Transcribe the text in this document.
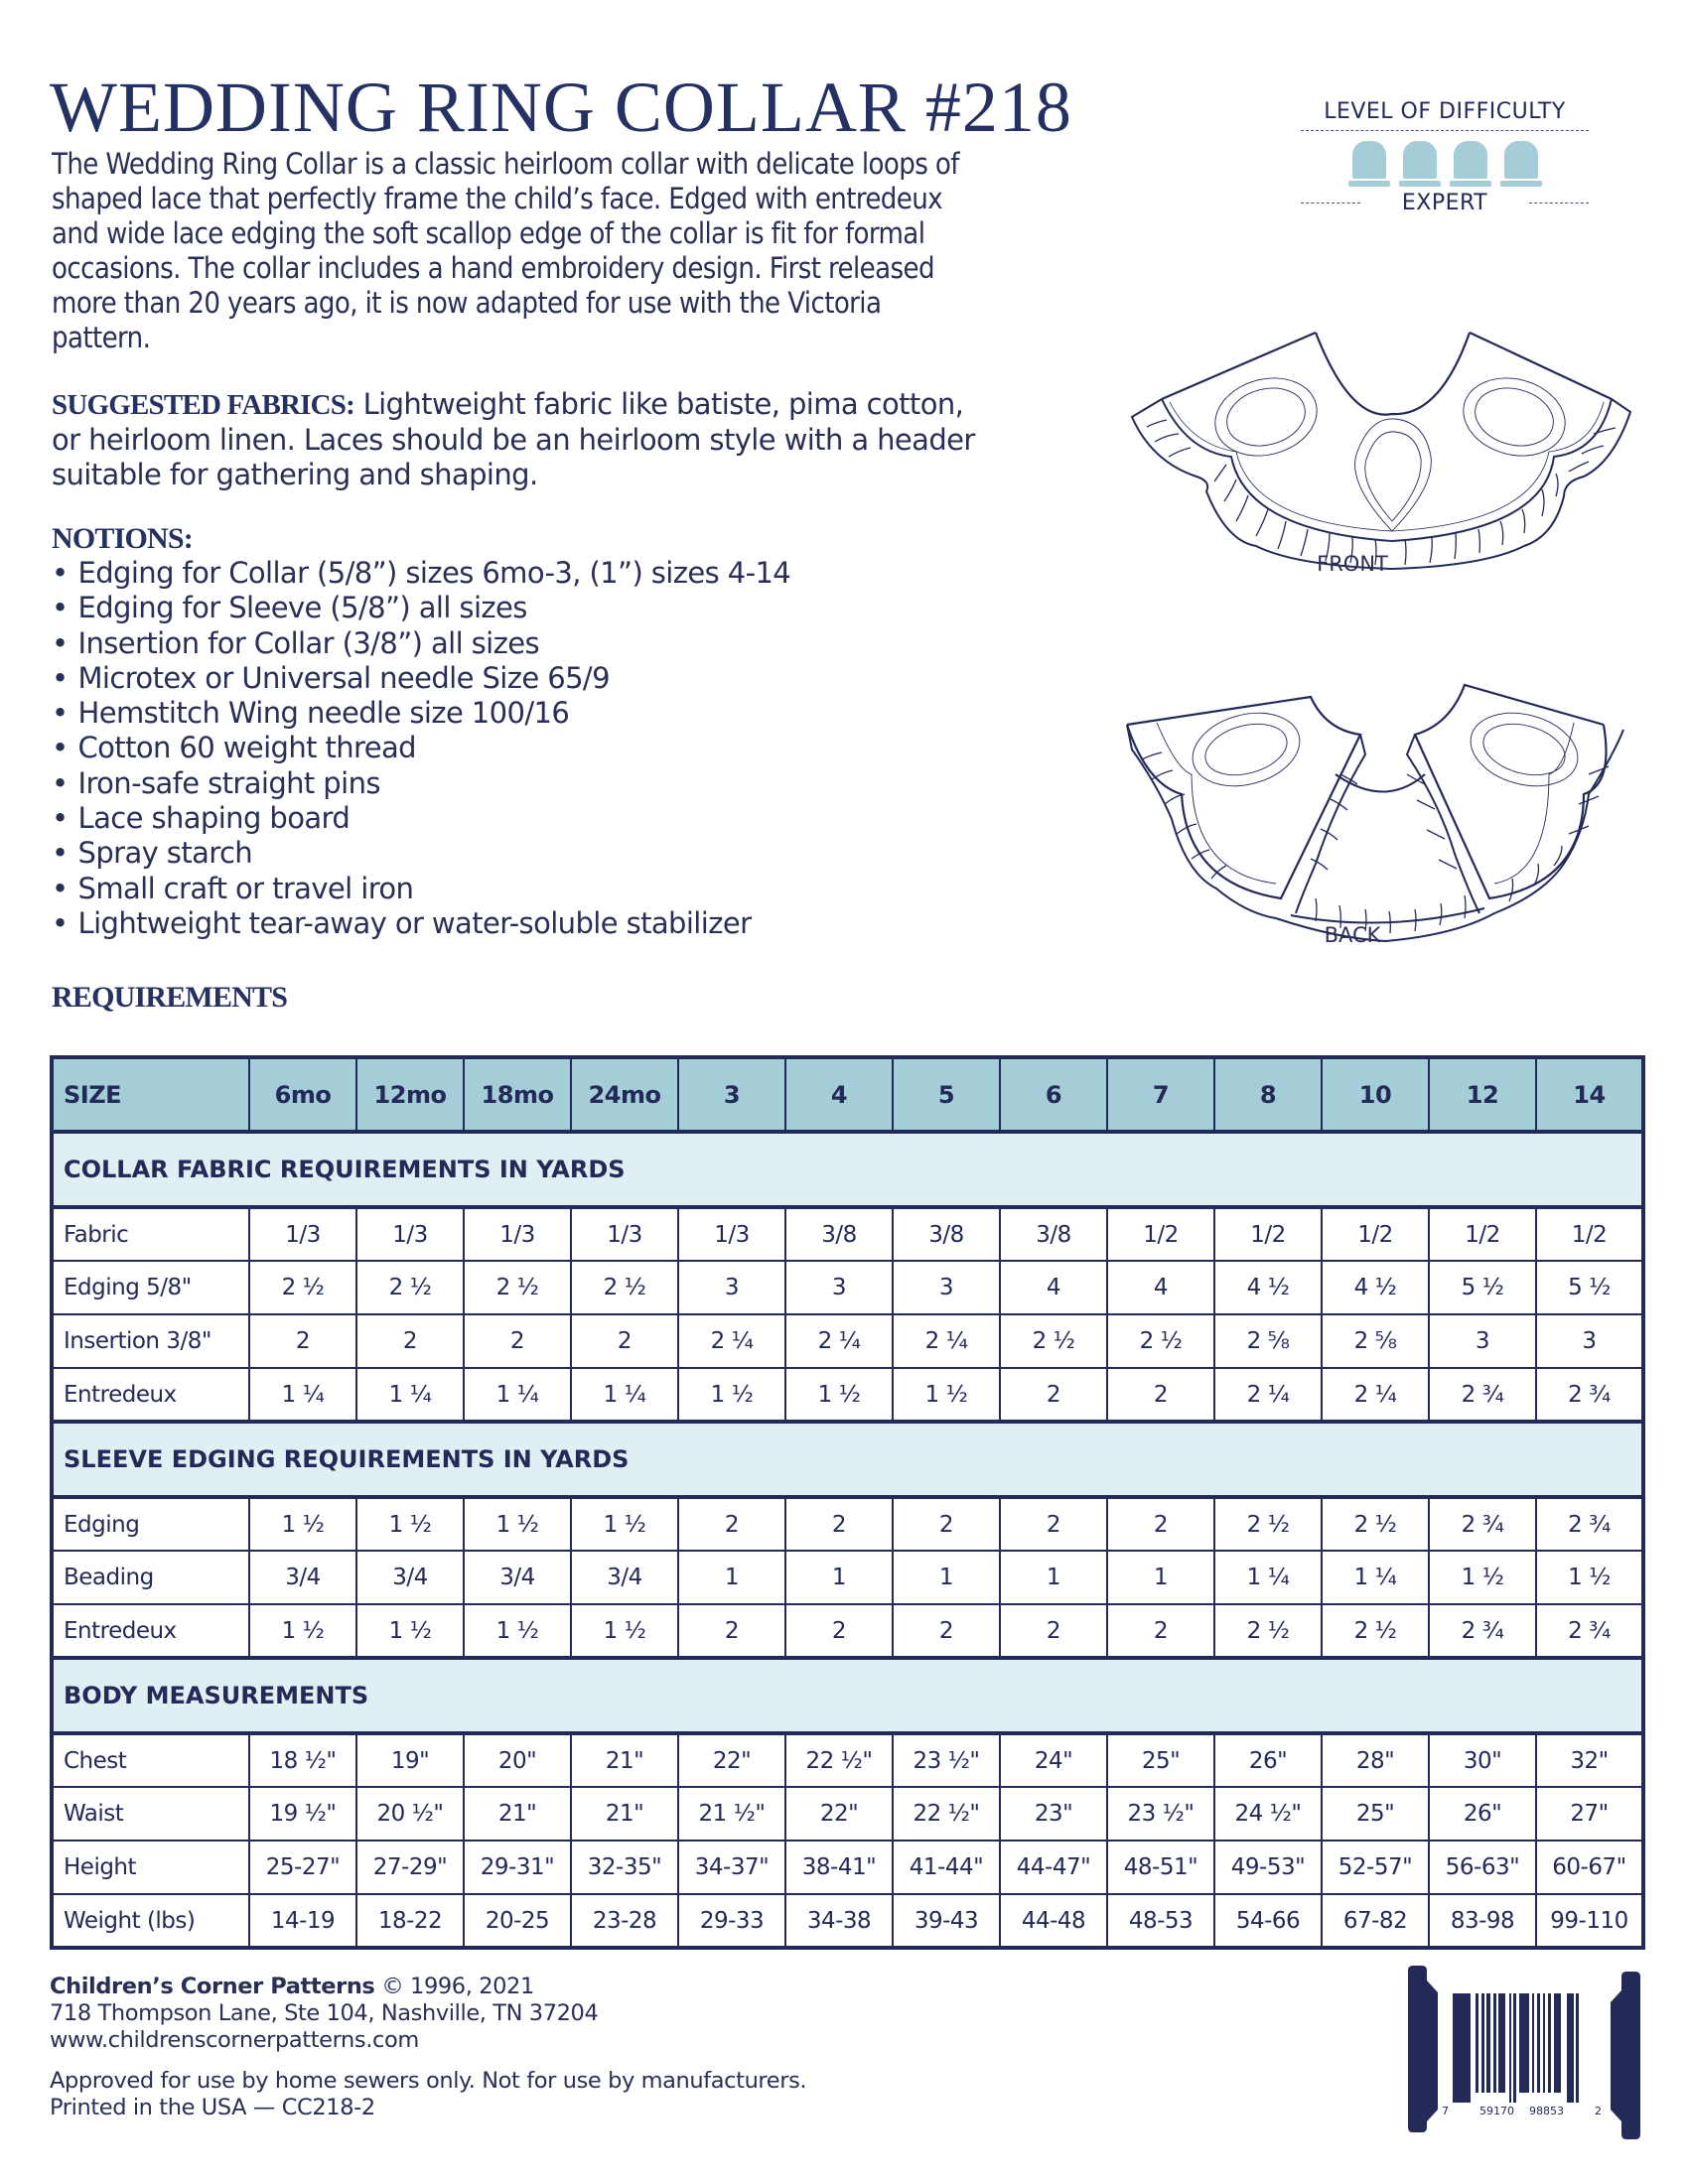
WEDDING RING COLLAR #218

The Wedding Ring Collar is a classic heirloom collar with delicate loops of shaped lace that perfectly frame the child’s face. Edged with entredeux and wide lace edging the soft scallop edge of the collar is fit for formal occasions. The collar includes a hand embroidery design. First released more than 20 years ago, it is now adapted for use with the Victoria pattern.

SUGGESTED FABRICS: Lightweight fabric like batiste, pima cotton, or heirloom linen. Laces should be an heirloom style with a header suitable for gathering and shaping.

NOTIONS:
• Edging for Collar (5/8”) sizes 6mo-3, (1”) sizes 4-14
• Edging for Sleeve (5/8”) all sizes
• Insertion for Collar (3/8”) all sizes
• Microtex or Universal needle Size 65/9
• Hemstitch Wing needle size 100/16
• Cotton 60 weight thread
• Iron-safe straight pins
• Lace shaping board
• Spray starch
• Small craft or travel iron
• Lightweight tear-away or water-soluble stabilizer
LEVEL OF DIFFICULTY
EXPERT
FRONT
BACK
REQUIREMENTS
SIZE	6mo	12mo	18mo	24mo	3	4	5	6	7	8	10	12	14
COLLAR FABRIC REQUIREMENTS IN YARDS													
Fabric	1/3	1/3	1/3	1/3	1/3	3/8	3/8	3/8	1/2	1/2	1/2	1/2	1/2
Edging 5/8"	2 ½	2 ½	2 ½	2 ½	3	3	3	4	4	4 ½	4 ½	5 ½	5 ½
Insertion 3/8"	2	2	2	2	2 ¼	2 ¼	2 ¼	2 ½	2 ½	2 ⅝	2 ⅝	3	3
Entredeux	1 ¼	1 ¼	1 ¼	1 ¼	1 ½	1 ½	1 ½	2	2	2 ¼	2 ¼	2 ¾	2 ¾
SLEEVE EDGING REQUIREMENTS IN YARDS													
Edging	1 ½	1 ½	1 ½	1 ½	2	2	2	2	2	2 ½	2 ½	2 ¾	2 ¾
Beading	3/4	3/4	3/4	3/4	1	1	1	1	1	1 ¼	1 ¼	1 ½	1 ½
Entredeux	1 ½	1 ½	1 ½	1 ½	2	2	2	2	2	2 ½	2 ½	2 ¾	2 ¾
BODY MEASUREMENTS													
Chest	18 ½"	19"	20"	21"	22"	22 ½"	23 ½"	24"	25"	26"	28"	30"	32"
Waist	19 ½"	20 ½"	21"	21"	21 ½"	22"	22 ½"	23"	23 ½"	24 ½"	25"	26"	27"
Height	25-27"	27-29"	29-31"	32-35"	34-37"	38-41"	41-44"	44-47"	48-51"	49-53"	52-57"	56-63"	60-67"
Weight (lbs)	14-19	18-22	20-25	23-28	29-33	34-38	39-43	44-48	48-53	54-66	67-82	83-98	99-110
Children’s Corner Patterns © 1996, 2021
718 Thompson Lane, Ste 104, Nashville, TN 37204
www.childrenscornerpatterns.com
Approved for use by home sewers only. Not for use by manufacturers.
Printed in the USA — CC218-2	7	59170 98853	2
